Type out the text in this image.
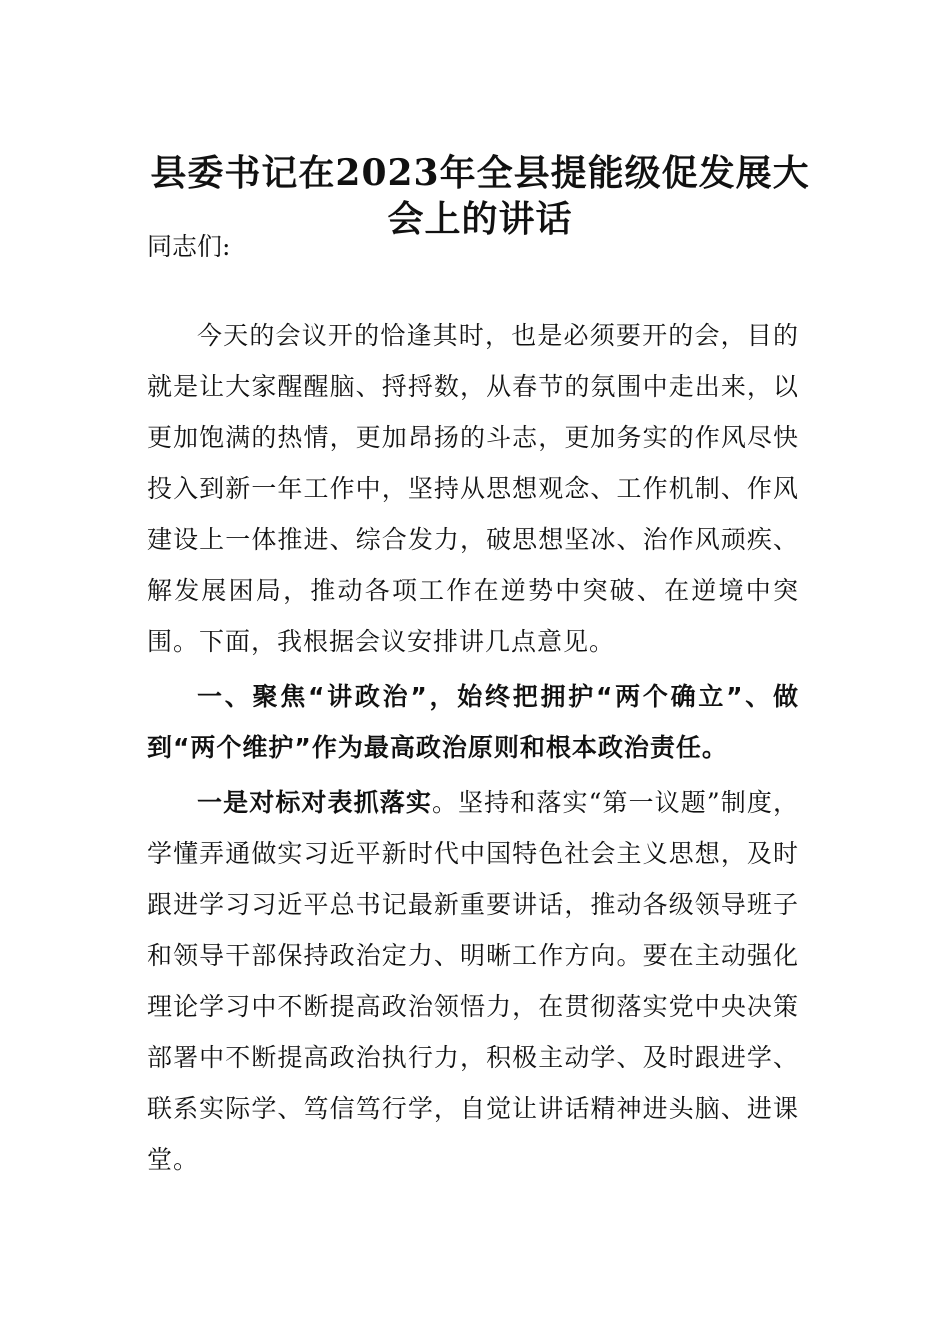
县委书记在2023年全县提能级促发展大
会上的讲话
同志们:

今天的会议开的恰逢其时，也是必须要开的会，目的就是让大家醒醒脑、捋捋数，从春节的氛围中走出来，以更加饱满的热情，更加昂扬的斗志，更加务实的作风尽快投入到新一年工作中，坚持从思想观念、工作机制、作风建设上一体推进、综合发力，破思想坚冰、治作风顽疾、解发展困局，推动各项工作在逆势中突破、在逆境中突围。下面，我根据会议安排讲几点意见。

一、聚焦“讲政治”，始终把拥护“两个确立”、做到“两个维护”作为最高政治原则和根本政治责任。

一是对标对表抓落实。坚持和落实“第一议题”制度，学懂弄通做实习近平新时代中国特色社会主义思想，及时跟进学习习近平总书记最新重要讲话，推动各级领导班子和领导干部保持政治定力、明晰工作方向。要在主动强化理论学习中不断提高政治领悟力，在贯彻落实党中央决策部署中不断提高政治执行力，积极主动学、及时跟进学、联系实际学、笃信笃行学，自觉让讲话精神进头脑、进课堂。
